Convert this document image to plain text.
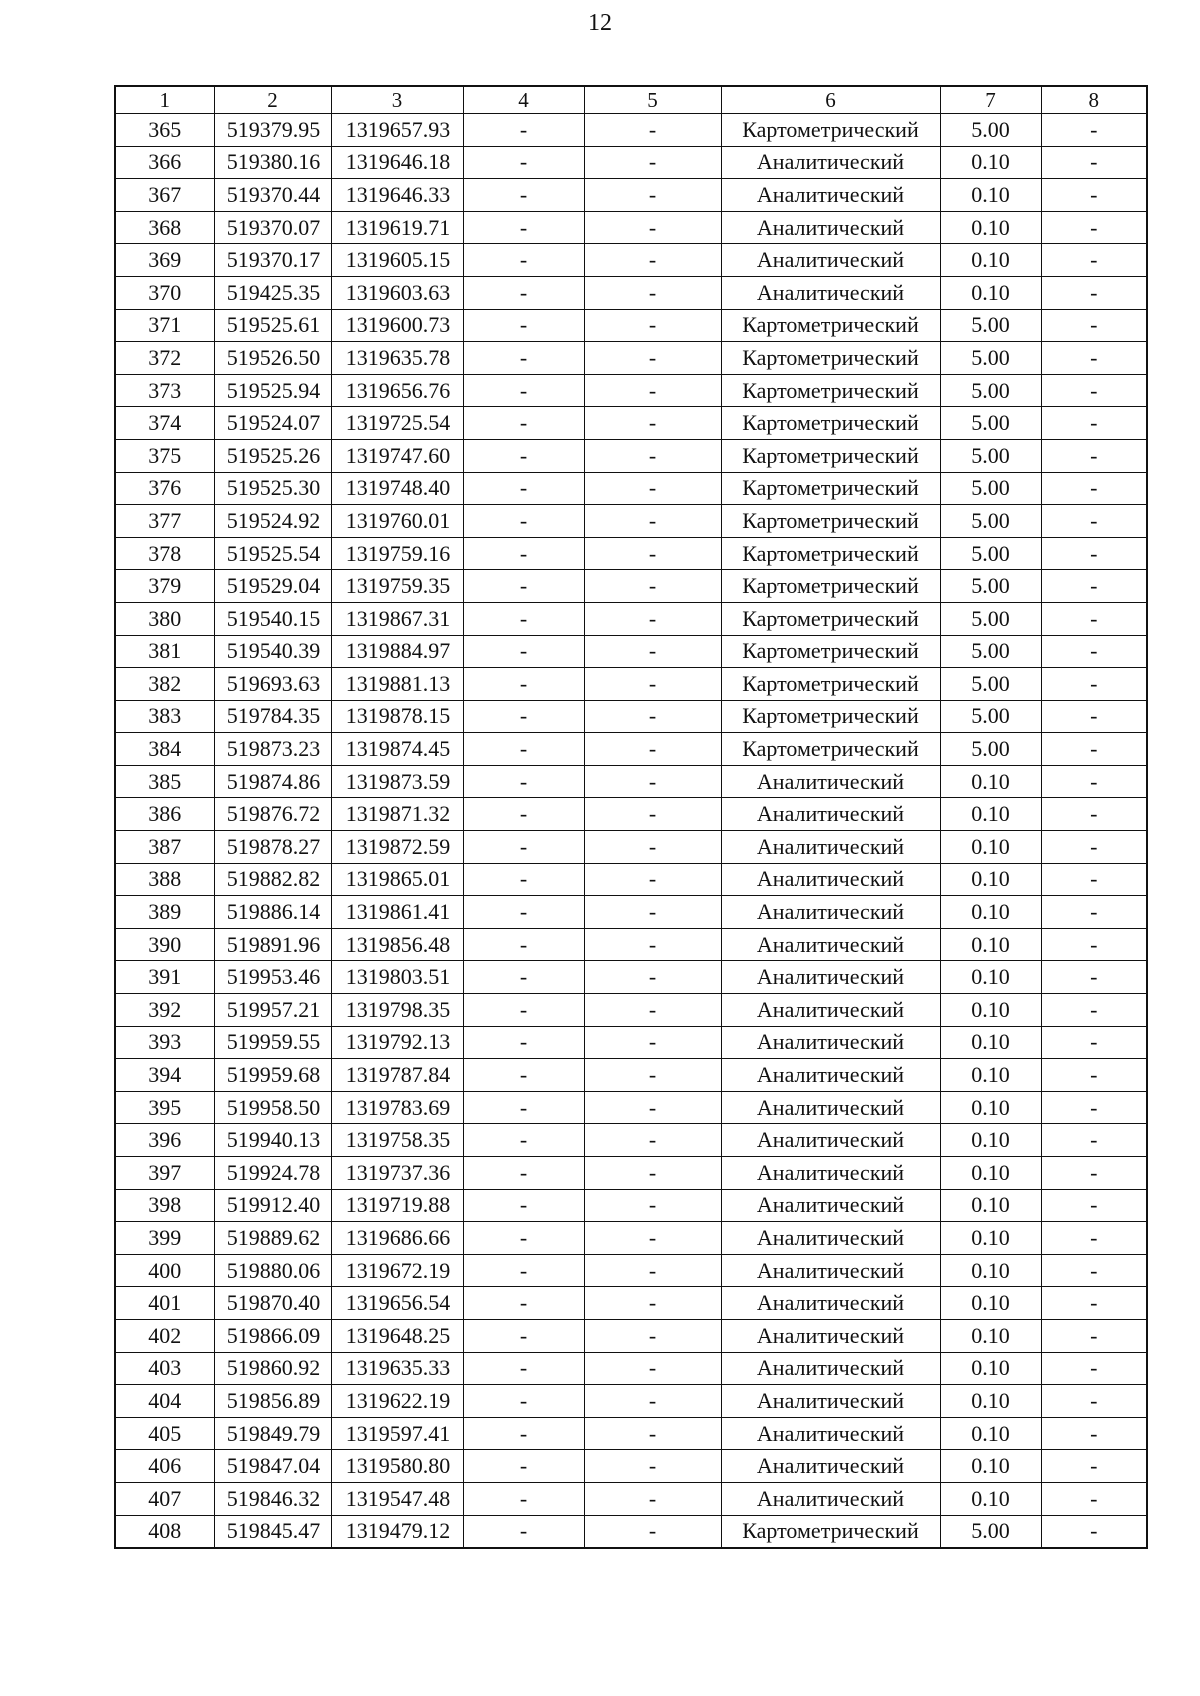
12
1	2	3	4	5	6	7	8
365	519379.95	1319657.93	-	-	Картометрический	5.00	-
366	519380.16	1319646.18	-	-	Аналитический	0.10	-
367	519370.44	1319646.33	-	-	Аналитический	0.10	-
368	519370.07	1319619.71	-	-	Аналитический	0.10	-
369	519370.17	1319605.15	-	-	Аналитический	0.10	-
370	519425.35	1319603.63	-	-	Аналитический	0.10	-
371	519525.61	1319600.73	-	-	Картометрический	5.00	-
372	519526.50	1319635.78	-	-	Картометрический	5.00	-
373	519525.94	1319656.76	-	-	Картометрический	5.00	-
374	519524.07	1319725.54	-	-	Картометрический	5.00	-
375	519525.26	1319747.60	-	-	Картометрический	5.00	-
376	519525.30	1319748.40	-	-	Картометрический	5.00	-
377	519524.92	1319760.01	-	-	Картометрический	5.00	-
378	519525.54	1319759.16	-	-	Картометрический	5.00	-
379	519529.04	1319759.35	-	-	Картометрический	5.00	-
380	519540.15	1319867.31	-	-	Картометрический	5.00	-
381	519540.39	1319884.97	-	-	Картометрический	5.00	-
382	519693.63	1319881.13	-	-	Картометрический	5.00	-
383	519784.35	1319878.15	-	-	Картометрический	5.00	-
384	519873.23	1319874.45	-	-	Картометрический	5.00	-
385	519874.86	1319873.59	-	-	Аналитический	0.10	-
386	519876.72	1319871.32	-	-	Аналитический	0.10	-
387	519878.27	1319872.59	-	-	Аналитический	0.10	-
388	519882.82	1319865.01	-	-	Аналитический	0.10	-
389	519886.14	1319861.41	-	-	Аналитический	0.10	-
390	519891.96	1319856.48	-	-	Аналитический	0.10	-
391	519953.46	1319803.51	-	-	Аналитический	0.10	-
392	519957.21	1319798.35	-	-	Аналитический	0.10	-
393	519959.55	1319792.13	-	-	Аналитический	0.10	-
394	519959.68	1319787.84	-	-	Аналитический	0.10	-
395	519958.50	1319783.69	-	-	Аналитический	0.10	-
396	519940.13	1319758.35	-	-	Аналитический	0.10	-
397	519924.78	1319737.36	-	-	Аналитический	0.10	-
398	519912.40	1319719.88	-	-	Аналитический	0.10	-
399	519889.62	1319686.66	-	-	Аналитический	0.10	-
400	519880.06	1319672.19	-	-	Аналитический	0.10	-
401	519870.40	1319656.54	-	-	Аналитический	0.10	-
402	519866.09	1319648.25	-	-	Аналитический	0.10	-
403	519860.92	1319635.33	-	-	Аналитический	0.10	-
404	519856.89	1319622.19	-	-	Аналитический	0.10	-
405	519849.79	1319597.41	-	-	Аналитический	0.10	-
406	519847.04	1319580.80	-	-	Аналитический	0.10	-
407	519846.32	1319547.48	-	-	Аналитический	0.10	-
408	519845.47	1319479.12	-	-	Картометрический	5.00	-
